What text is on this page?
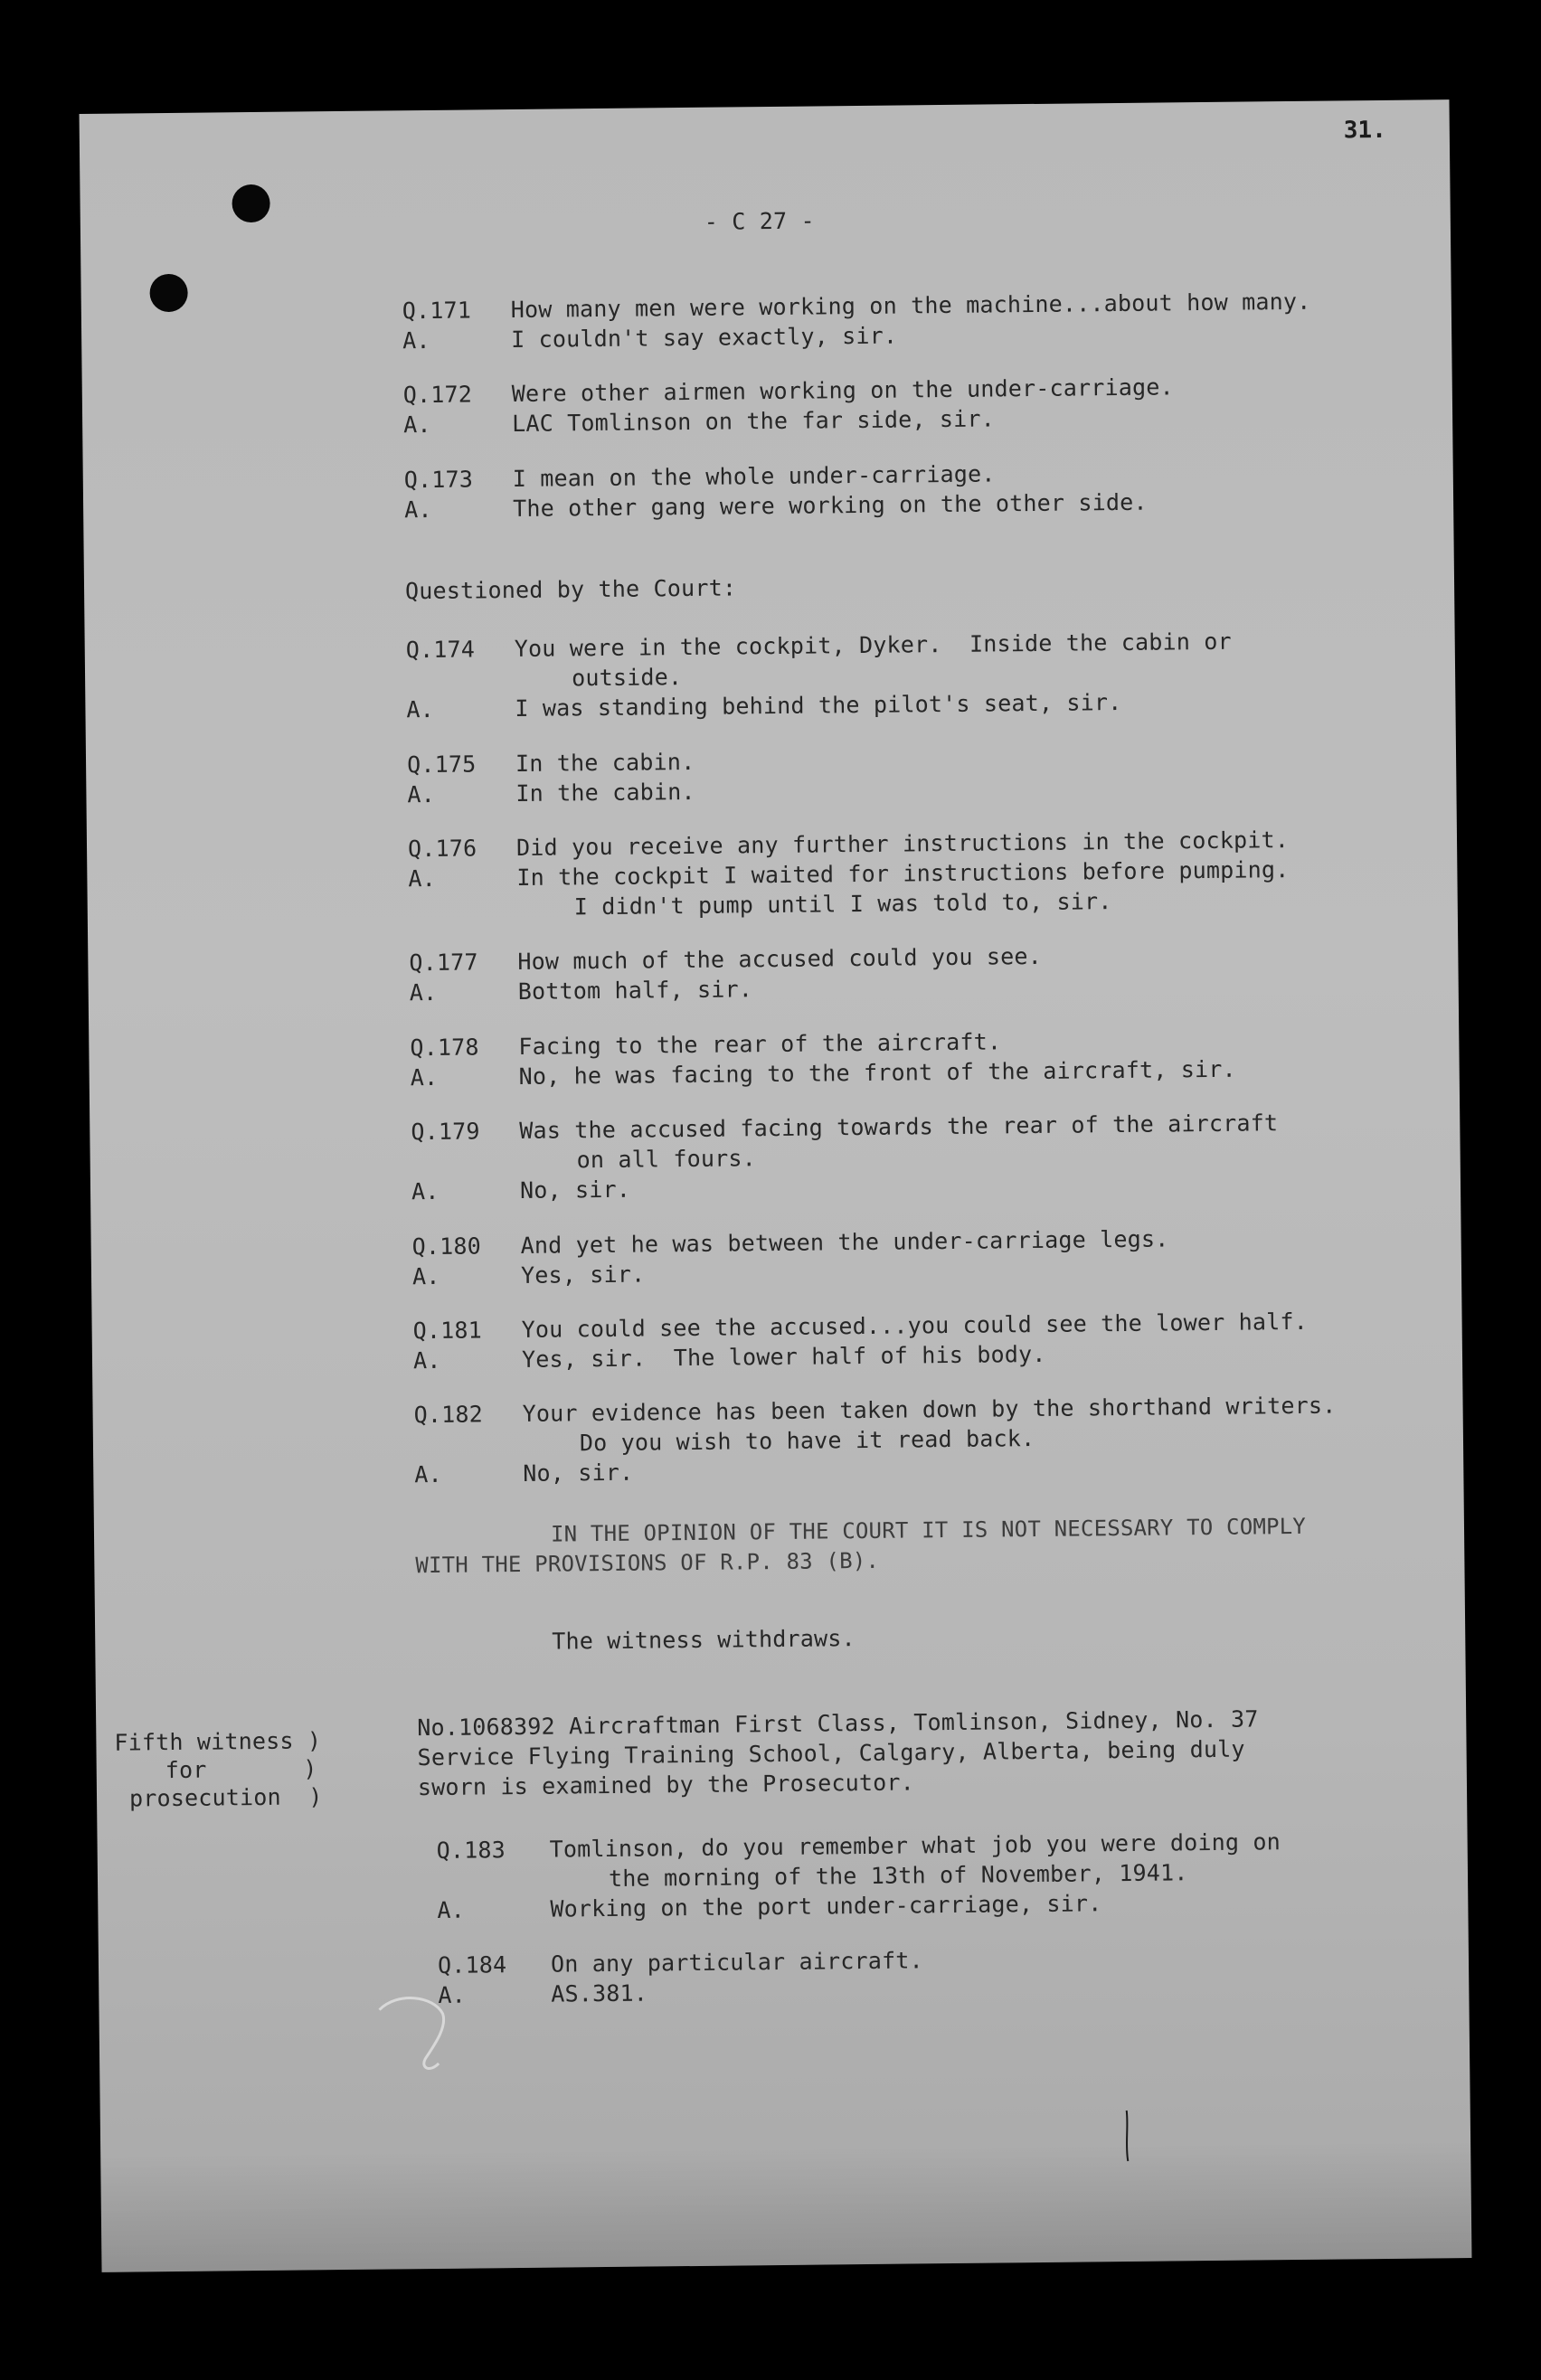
31.
- C 27 -
Q.171 How many men were working on the machine...about how many.
A.	I couldn't say exactly, sir.
Q.172 Were other airmen working on the under-carriage.
A.	LAC Tomlinson on the far side, sir.
Q.173 I mean on the whole under-carriage.
A.	The other gang were working on the other side.
Questioned by the Court:
Q.174 You were in the cockpit, Dyker.  Inside the cabin or
outside.
A.	I was standing behind the pilot's seat, sir.
Q.175 In the cabin.
A.	In the cabin.
Q.176 Did you receive any further instructions in the cockpit.
A.	In the cockpit I waited for instructions before pumping.
I didn't pump until I was told to, sir.
Q.177 How much of the accused could you see.
A.	Bottom half, sir.
Q.178 Facing to the rear of the aircraft.
A.	No, he was facing to the front of the aircraft, sir.
Q.179 Was the accused facing towards the rear of the aircraft
on all fours.
A.	No, sir.
Q.180 And yet he was between the under-carriage legs.
A.	Yes, sir.
Q.181 You could see the accused...you could see the lower half.
A.	Yes, sir.  The lower half of his body.
Q.182 Your evidence has been taken down by the shorthand writers.
Do you wish to have it read back.
A.	No, sir.
IN THE OPINION OF THE COURT IT IS NOT NECESSARY TO COMPLY
WITH THE PROVISIONS OF R.P. 83 (B).
The witness withdraws.
Fifth witness )
for       )
prosecution  )
No.1068392 Aircraftman First Class, Tomlinson, Sidney, No. 37
Service Flying Training School, Calgary, Alberta, being duly
sworn is examined by the Prosecutor.
Q.183 Tomlinson, do you remember what job you were doing on
the morning of the 13th of November, 1941.
A.	Working on the port under-carriage, sir.
Q.184 On any particular aircraft.
A.	AS.381.
